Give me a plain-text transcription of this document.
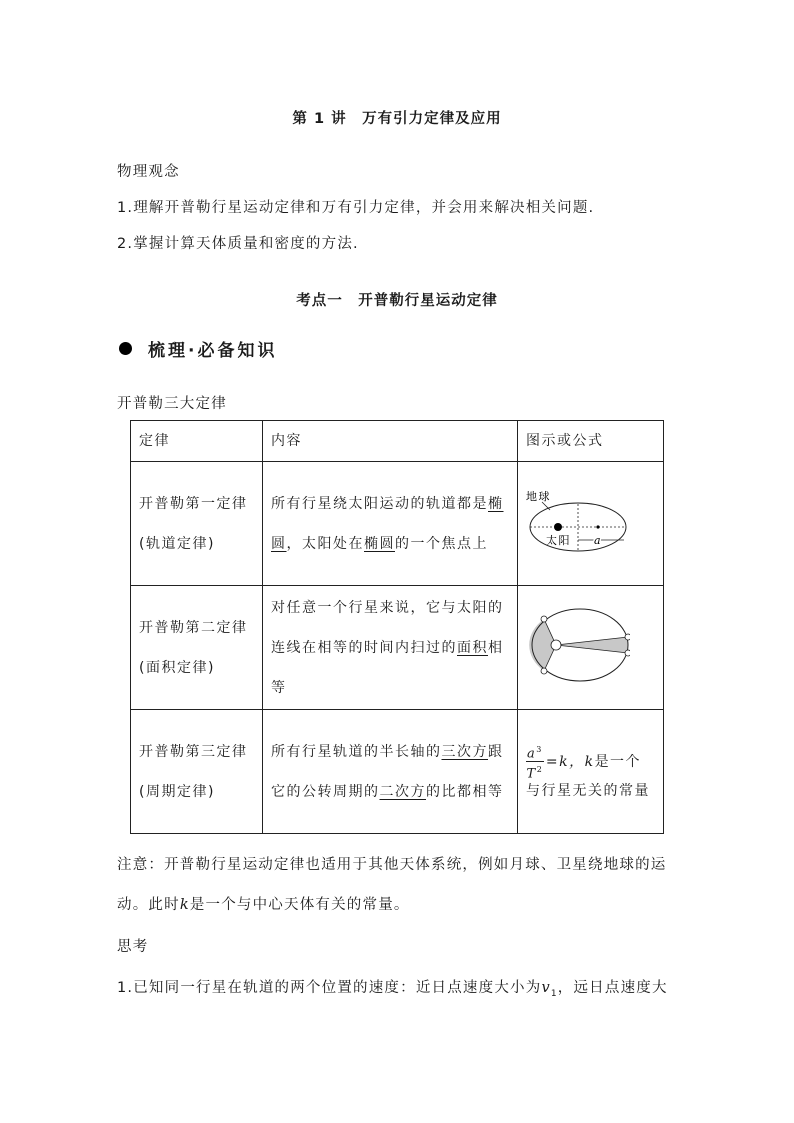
第 1 讲　万有引力定律及应用
物理观念
1.理解开普勒行星运动定律和万有引力定律，并会用来解决相关问题.
2.掌握计算天体质量和密度的方法.
考点一　开普勒行星运动定律
梳理·必备知识
开普勒三大定律
定律	内容	图示或公式
开普勒第一定律(轨道定律)	所有行星绕太阳运动的轨道都是椭圆，太阳处在椭圆的一个焦点上	地球
太阳 a

开普勒第二定律(面积定律)	对任意一个行星来说，它与太阳的连线在相等的时间内扫过的面积相等	
开普勒第三定律(周期定律)	所有行星轨道的半长轴的三次方跟它的公转周期的二次方的比都相等	$\frac{a^3}{T^2} =k$，k是一个与行星无关的常量
注意：开普勒行星运动定律也适用于其他天体系统，例如月球、卫星绕地球的运
动。此时k是一个与中心天体有关的常量。
思考
1.已知同一行星在轨道的两个位置的速度：近日点速度大小为$v_1$，远日点速度大
